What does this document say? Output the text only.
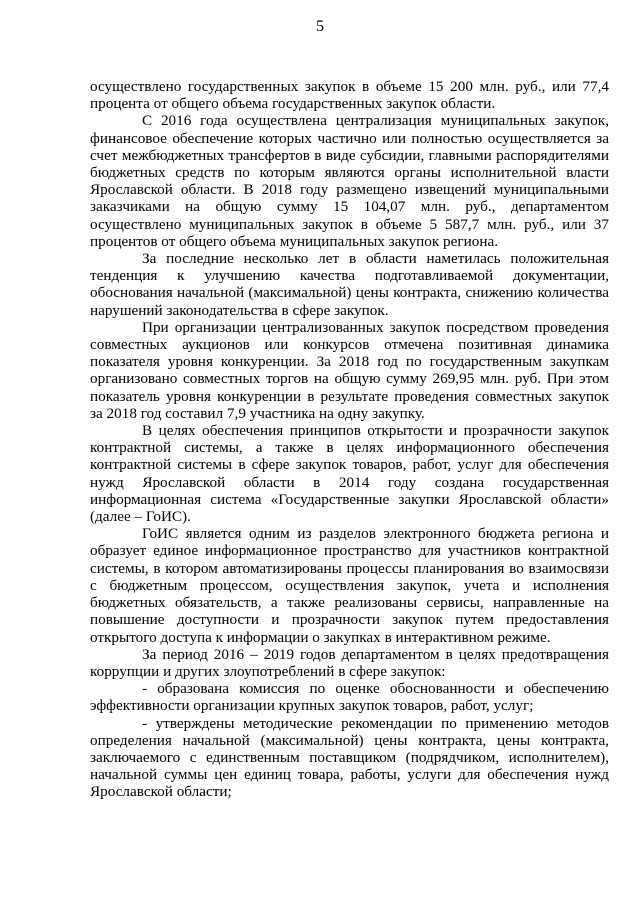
5

осуществлено государственных закупок в объеме 15 200 млн. руб., или 77,4 процента от общего объема государственных закупок области.

С 2016 года осуществлена централизация муниципальных закупок, финансовое обеспечение которых частично или полностью осуществляется за счет межбюджетных трансфертов в виде субсидии, главными распорядителями бюджетных средств по которым являются органы исполнительной власти Ярославской области. В 2018 году размещено извещений муниципальными заказчиками на общую сумму 15 104,07 млн. руб., департаментом осуществлено муниципальных закупок в объеме 5 587,7 млн. руб., или 37 процентов от общего объема муниципальных закупок региона.

За последние несколько лет в области наметилась положительная тенденция к улучшению качества подготавливаемой документации, обоснования начальной (максимальной) цены контракта, снижению количества нарушений законодательства в сфере закупок.

При организации централизованных закупок посредством проведения совместных аукционов или конкурсов отмечена позитивная динамика показателя уровня конкуренции. За 2018 год по государственным закупкам организовано совместных торгов на общую сумму 269,95 млн. руб. При этом показатель уровня конкуренции в результате проведения совместных закупок за 2018 год составил 7,9 участника на одну закупку.

В целях обеспечения принципов открытости и прозрачности закупок контрактной системы, а также в целях информационного обеспечения контрактной системы в сфере закупок товаров, работ, услуг для обеспечения нужд Ярославской области в 2014 году создана государственная информационная система «Государственные закупки Ярославской области» (далее – ГоИС).

ГоИС является одним из разделов электронного бюджета региона и образует единое информационное пространство для участников контрактной системы, в котором автоматизированы процессы планирования во взаимосвязи с бюджетным процессом, осуществления закупок, учета и исполнения бюджетных обязательств, а также реализованы сервисы, направленные на повышение доступности и прозрачности закупок путем предоставления открытого доступа к информации о закупках в интерактивном режиме.

За период 2016 – 2019 годов департаментом в целях предотвращения коррупции и других злоупотреблений в сфере закупок:

- образована комиссия по оценке обоснованности и обеспечению эффективности организации крупных закупок товаров, работ, услуг;

- утверждены методические рекомендации по применению методов определения начальной (максимальной) цены контракта, цены контракта, заключаемого с единственным поставщиком (подрядчиком, исполнителем), начальной суммы цен единиц товара, работы, услуги для обеспечения нужд Ярославской области;
